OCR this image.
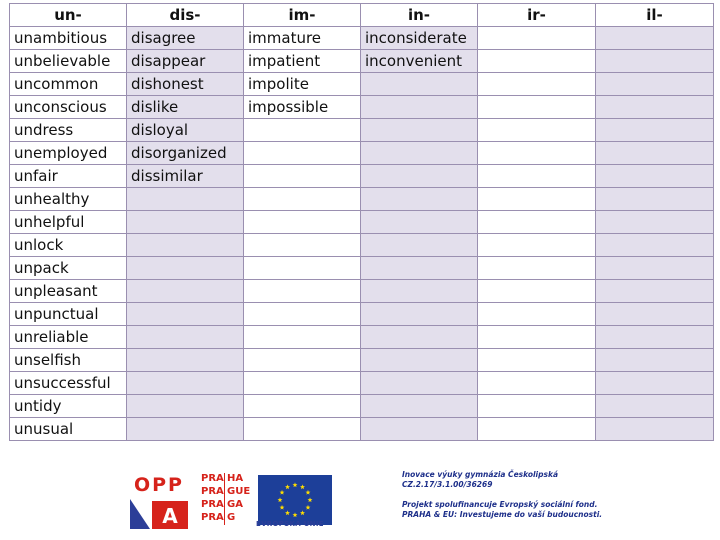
un-	dis-	im-	in-	ir-	il-
unambitious	disagree	immature	inconsiderate		
unbelievable	disappear	impatient	inconvenient		
uncommon	dishonest	impolite			
unconscious	dislike	impossible			
undress	disloyal				
unemployed	disorganized				
unfair	dissimilar				
unhealthy					
unhelpful					
unlock					
unpack					
unpleasant					
unpunctual					
unreliable					
unselfish					
unsuccessful					
untidy					
unusual					
OPP
A
PRA HA
PRA GUE
PRA GA
PRA G
EVROPSKÁ UNIE

Inovace výuky gymnázia Českolipská

CZ.2.17/3.1.00/36269

Projekt spolufinancuje Evropský sociální fond.

PRAHA & EU: Investujeme do vaší budoucnosti.
